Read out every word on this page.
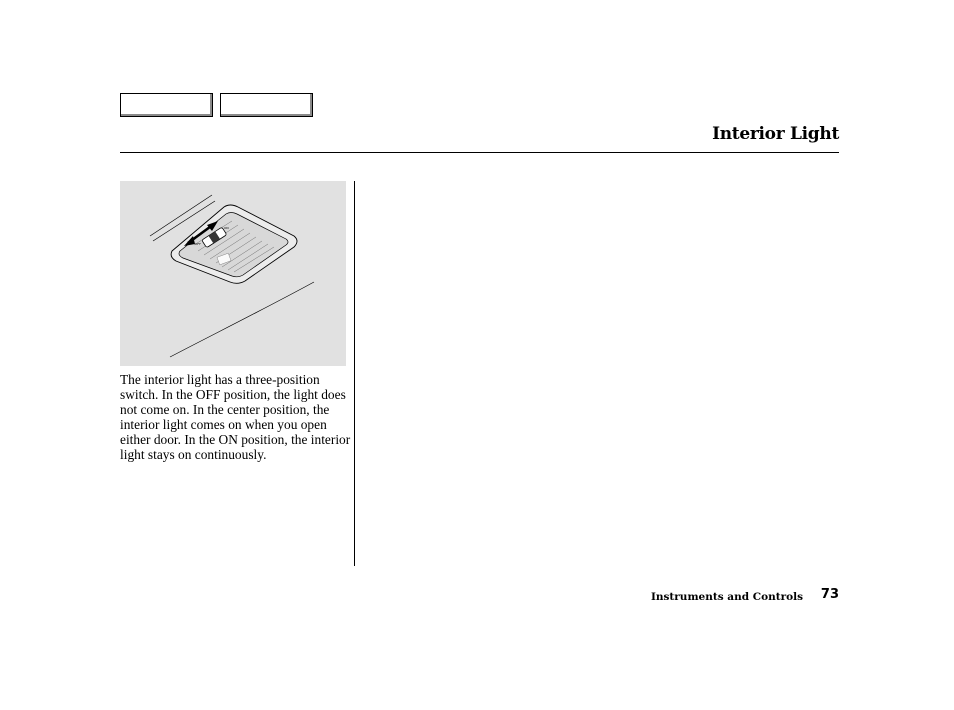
Interior Light
OFF
ON

The interior light has a three-position switch. In the OFF position, the light does not come on. In the center position, the interior light comes on when you open either door. In the ON position, the interior light stays on continuously.

Instruments and Controls 73
